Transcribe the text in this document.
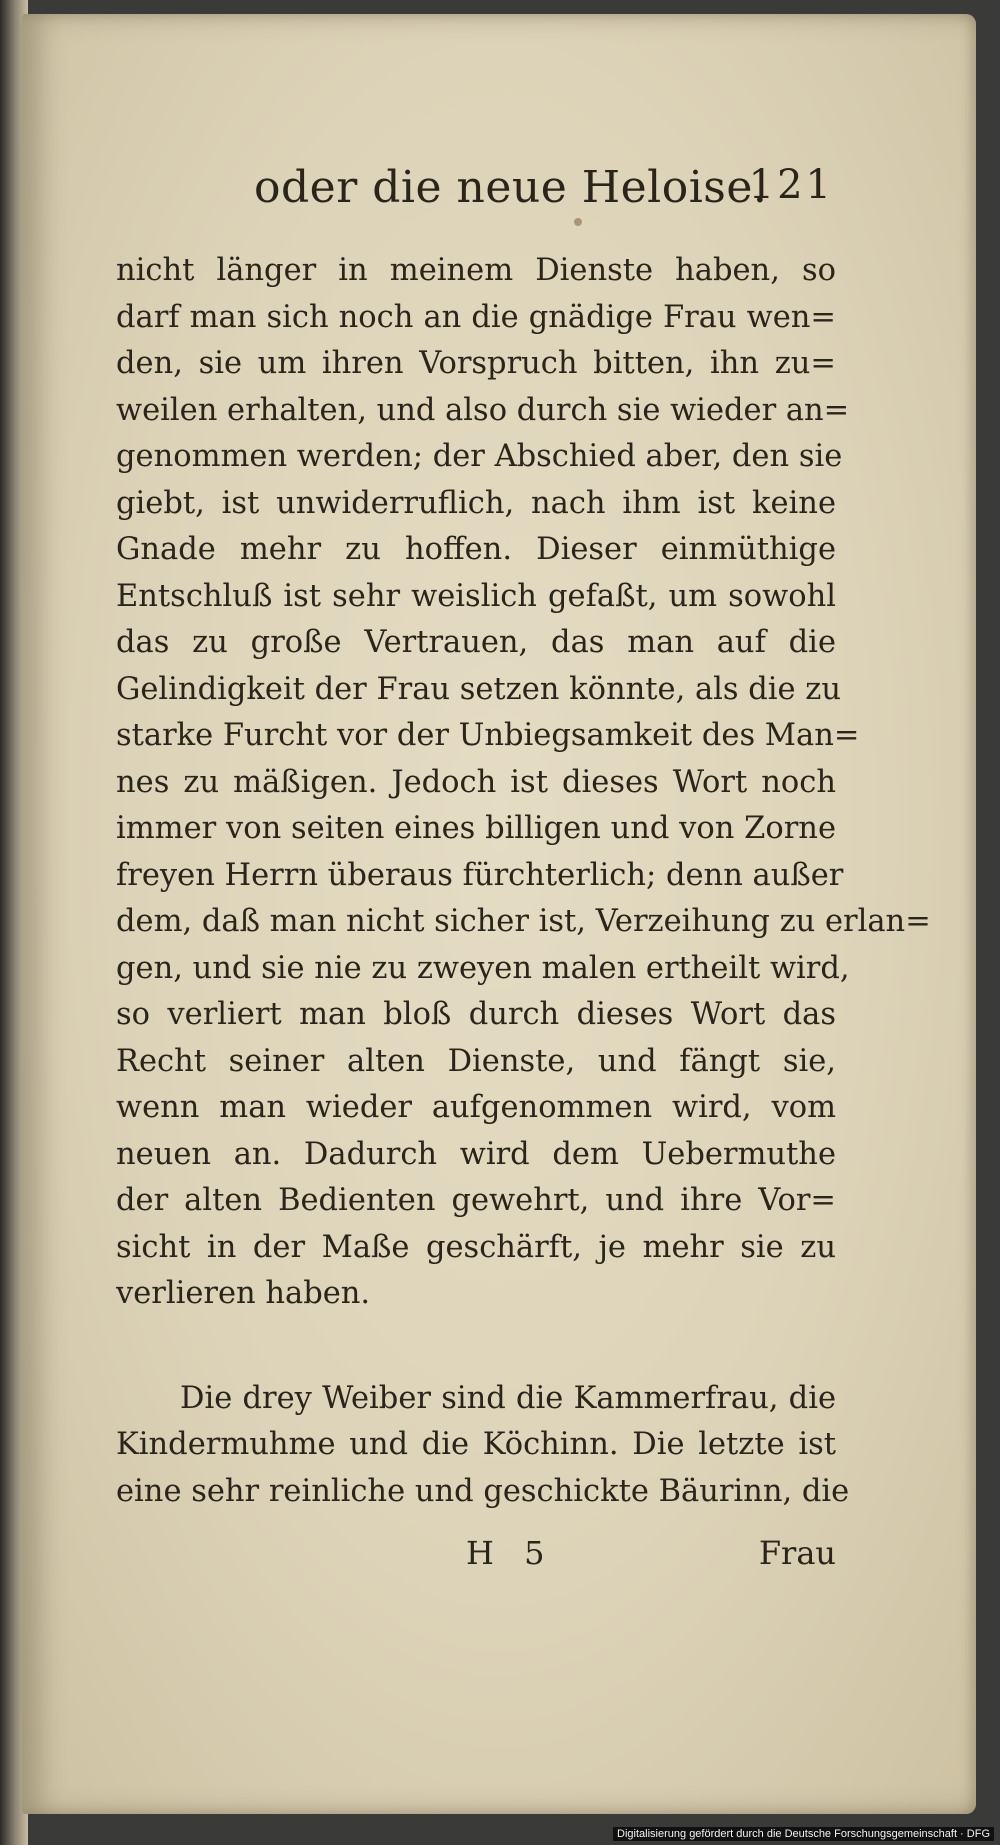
oder die neue Heloise.
121
nicht länger in meinem Dienste haben, so
darf man sich noch an die gnädige Frau wen=
den, sie um ihren Vorspruch bitten, ihn zu=
weilen erhalten, und also durch sie wieder an=
genommen werden; der Abschied aber, den sie
giebt, ist unwiderruflich, nach ihm ist keine
Gnade mehr zu hoffen. Dieser einmüthige
Entschluß ist sehr weislich gefaßt, um sowohl
das zu große Vertrauen, das man auf die
Gelindigkeit der Frau setzen könnte, als die zu
starke Furcht vor der Unbiegsamkeit des Man=
nes zu mäßigen. Jedoch ist dieses Wort noch
immer von seiten eines billigen und von Zorne
freyen Herrn überaus fürchterlich; denn außer
dem, daß man nicht sicher ist, Verzeihung zu erlan=
gen, und sie nie zu zweyen malen ertheilt wird,
so verliert man bloß durch dieses Wort das
Recht seiner alten Dienste, und fängt sie,
wenn man wieder aufgenommen wird, vom
neuen an. Dadurch wird dem Uebermuthe
der alten Bedienten gewehrt, und ihre Vor=
sicht in der Maße geschärft, je mehr sie zu
verlieren haben.
Die drey Weiber sind die Kammerfrau, die
Kindermuhme und die Köchinn. Die letzte ist
eine sehr reinliche und geschickte Bäurinn, die
H 5	Frau
Digitalisierung gefördert durch die Deutsche Forschungsgemeinschaft · DFG
